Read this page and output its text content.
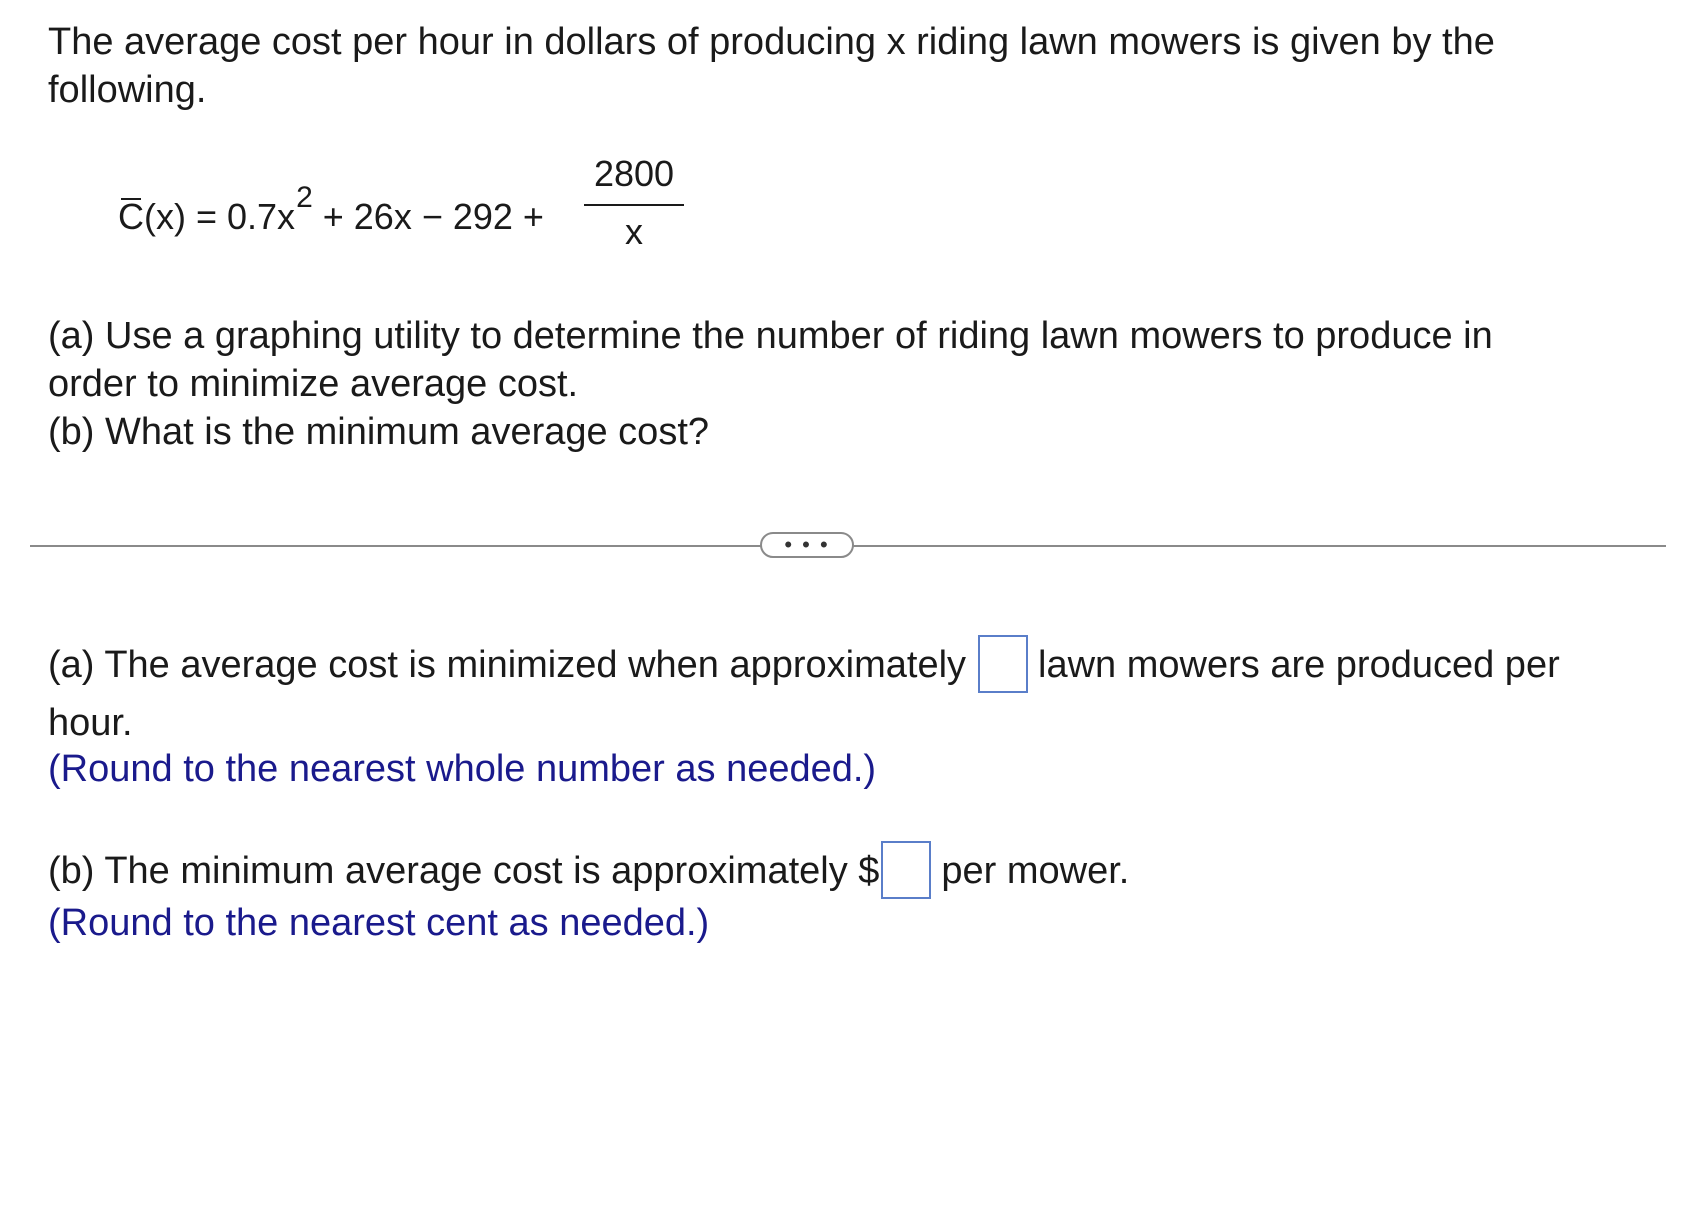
The average cost per hour in dollars of producing x riding lawn mowers is given by the
following.
$C(x) = 0.7x^2 + 26x - 292$ +
2800
x
(a) Use a graphing utility to determine the number of riding lawn mowers to produce in
order to minimize average cost.
(b) What is the minimum average cost?
• • •
(a) The average cost is minimized when approximately lawn mowers are produced per
hour.
(Round to the nearest whole number as needed.)
(b) The minimum average cost is approximately $ per mower.
(Round to the nearest cent as needed.)
